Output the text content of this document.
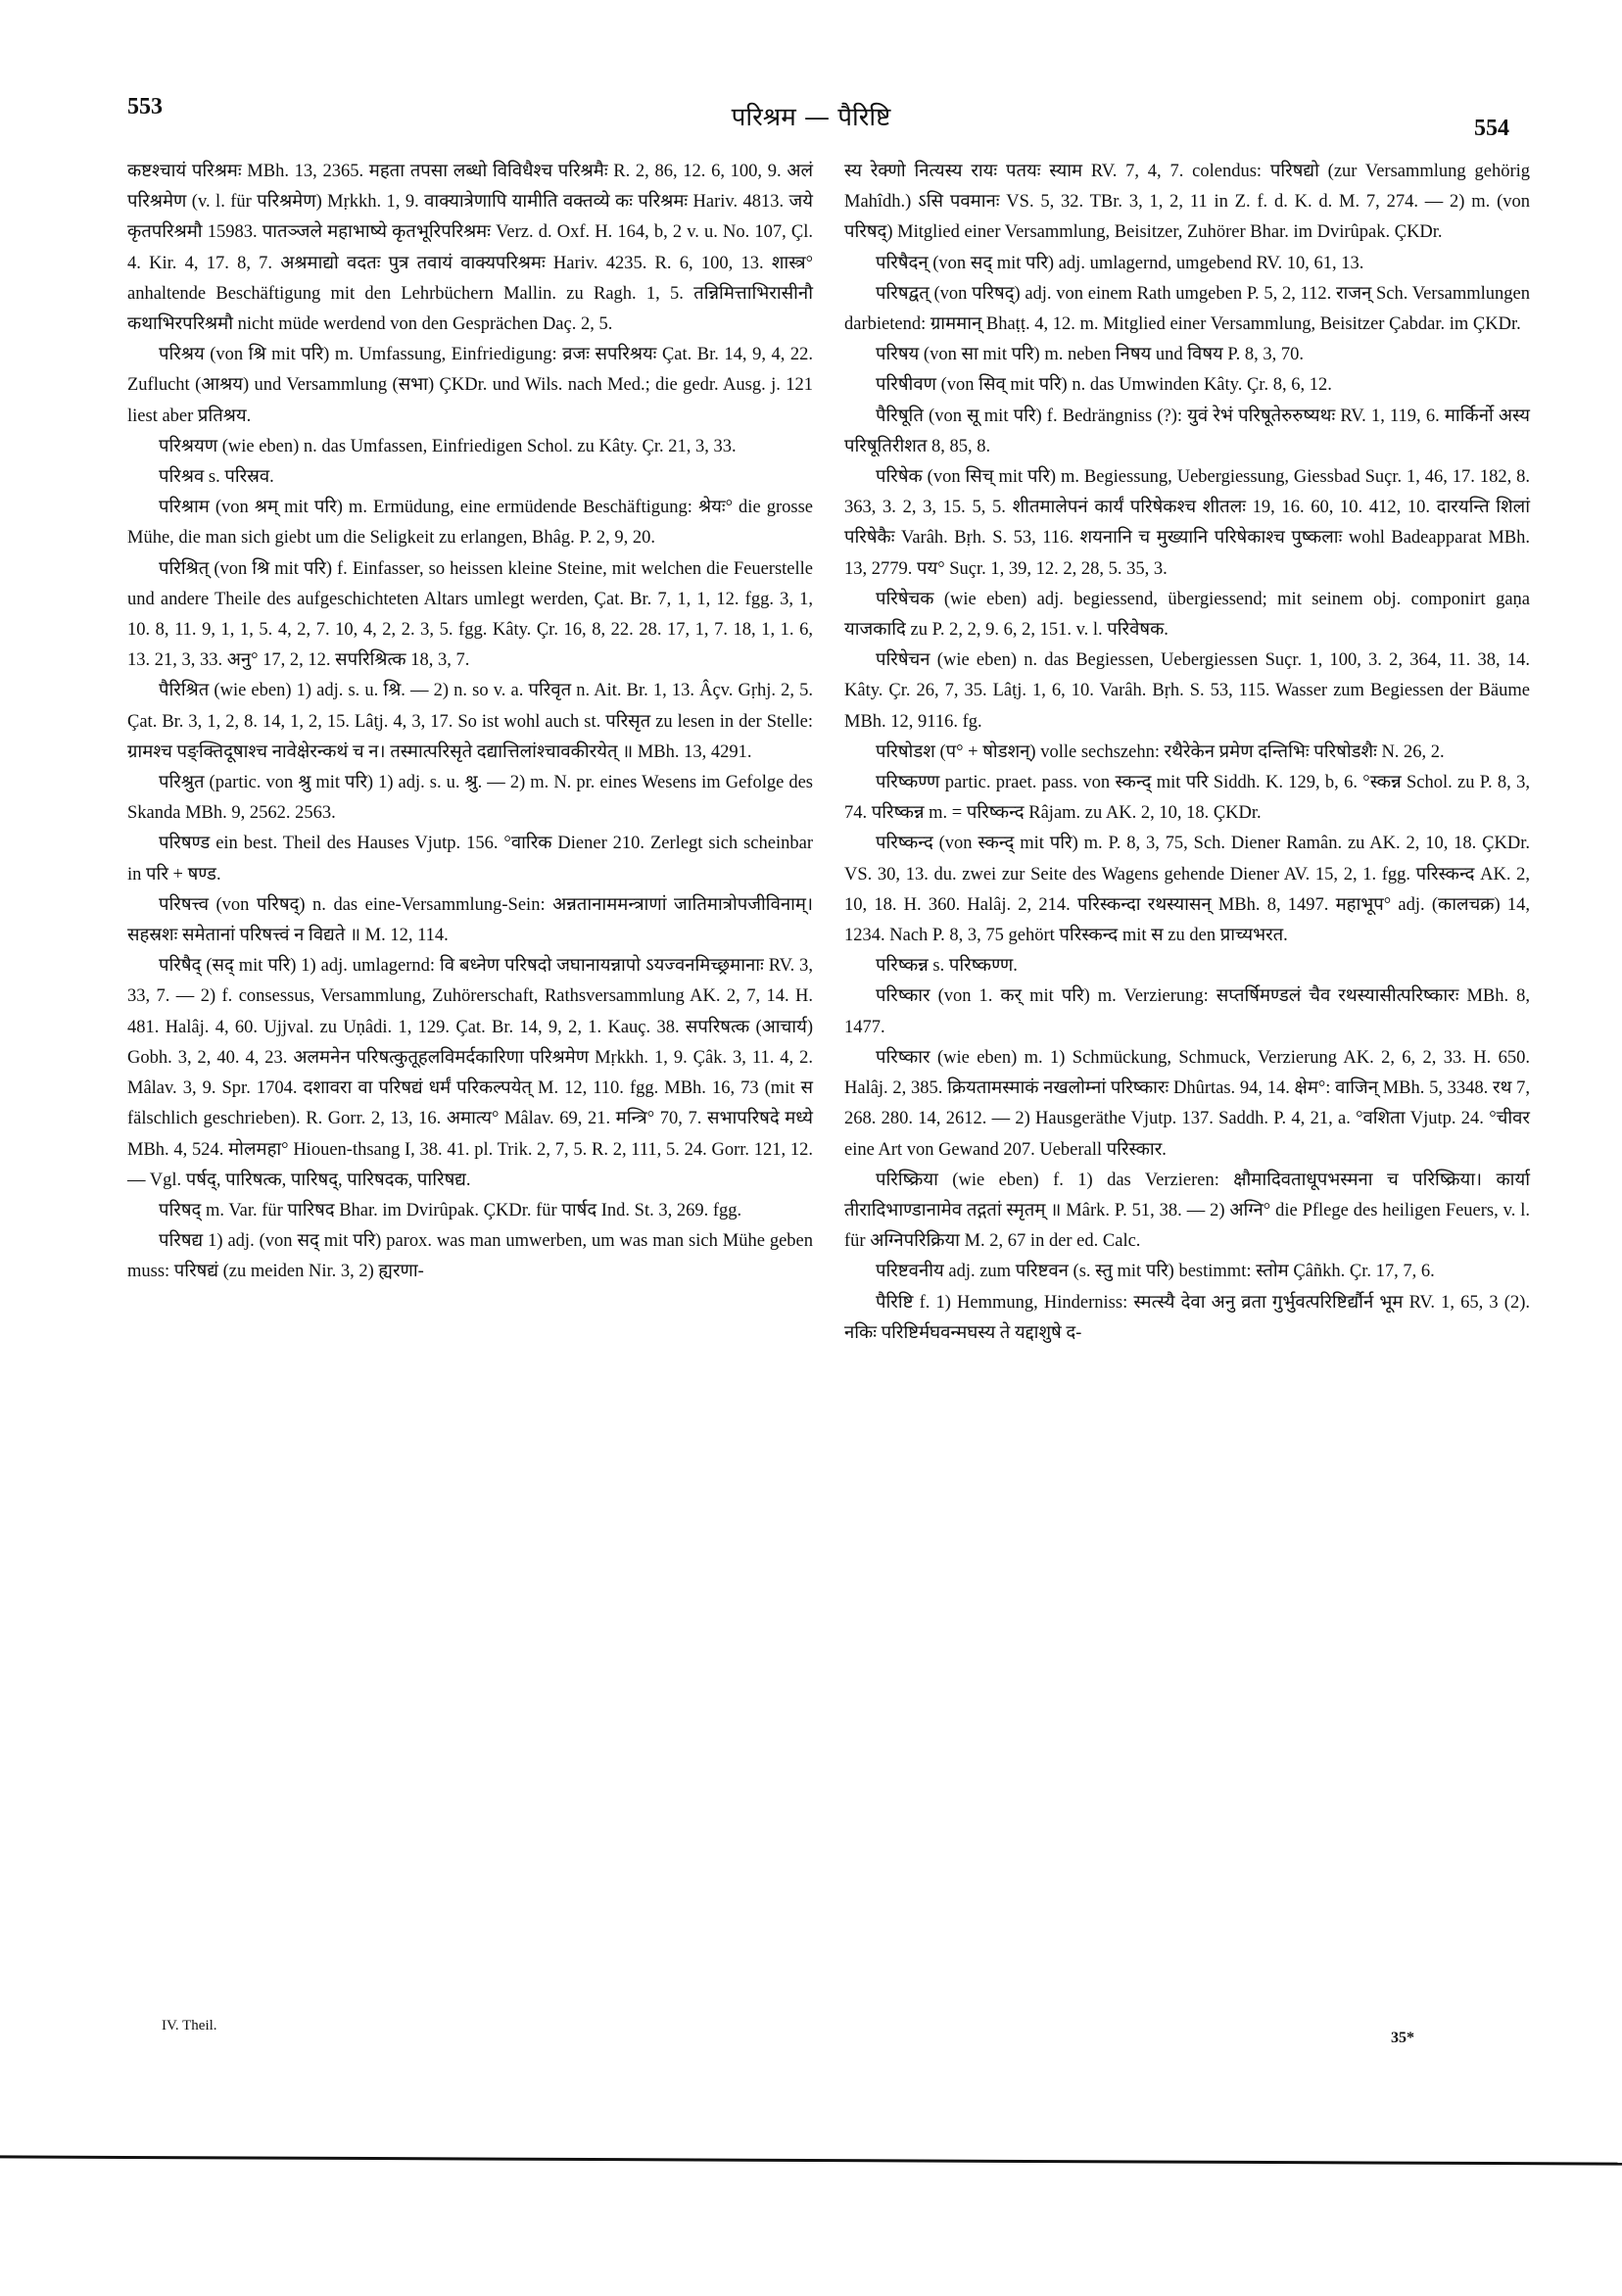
553	परिश्रम — पैरिष्टि	554

कष्टश्चायं परिश्रमः MBh. 13, 2365. महता तपसा लब्धो विविधैश्च परिश्रमैः R. 2, 86, 12. 6, 100, 9. अलं परिश्रमेण (v. l. für परिश्रमेण) Mṛkkh. 1, 9. वाक्यात्रेणापि यामीति वक्तव्ये कः परिश्रमः Hariv. 4813. जये कृतपरिश्रमौ 15983. पातञ्जले महाभाष्ये कृतभूरिपरिश्रमः Verz. d. Oxf. H. 164, b, 2 v. u. No. 107, Çl. 4. Kir. 4, 17. 8, 7. अश्रमाद्यो वदतः पुत्र तवायं वाक्यपरिश्रमः Hariv. 4235. R. 6, 100, 13. शास्त्र° anhaltende Beschäftigung mit den Lehrbüchern Mallin. zu Ragh. 1, 5. तन्निमित्ताभिरासीनौ कथाभिरपरिश्रमौ nicht müde werdend von den Gesprächen Daç. 2, 5.

परिश्रय (von श्रि mit परि) m. Umfassung, Einfriedigung: व्रजः सपरिश्रयः Çat. Br. 14, 9, 4, 22. Zuflucht (आश्रय) und Versammlung (सभा) ÇKDr. und Wils. nach Med.; die gedr. Ausg. j. 121 liest aber प्रतिश्रय.

परिश्रयण (wie eben) n. das Umfassen, Einfriedigen Schol. zu Kâty. Çr. 21, 3, 33.

परिश्रव s. परिस्रव.

परिश्राम (von श्रम् mit परि) m. Ermüdung, eine ermüdende Beschäftigung: श्रेयः° die grosse Mühe, die man sich giebt um die Seligkeit zu erlangen, Bhâg. P. 2, 9, 20.

परिश्रित् (von श्रि mit परि) f. Einfasser, so heissen kleine Steine, mit welchen die Feuerstelle und andere Theile des aufgeschichteten Altars umlegt werden, Çat. Br. 7, 1, 1, 12. fgg. 3, 1, 10. 8, 11. 9, 1, 1, 5. 4, 2, 7. 10, 4, 2, 2. 3, 5. fgg. Kâty. Çr. 16, 8, 22. 28. 17, 1, 7. 18, 1, 1. 6, 13. 21, 3, 33. अनु° 17, 2, 12. सपरिश्रित्क 18, 3, 7.

पैरिश्रित (wie eben) 1) adj. s. u. श्रि. — 2) n. so v. a. परिवृत n. Ait. Br. 1, 13. Âçv. Gṛhj. 2, 5. Çat. Br. 3, 1, 2, 8. 14, 1, 2, 15. Lâṭj. 4, 3, 17. So ist wohl auch st. परिसृत zu lesen in der Stelle: ग्रामश्च पङ्क्तिदूषाश्च नावेक्षेरन्कथं च न। तस्मात्परिसृते दद्यात्तिलांश्चावकीरयेत् ॥ MBh. 13, 4291.

परिश्रुत (partic. von श्रु mit परि) 1) adj. s. u. श्रु. — 2) m. N. pr. eines Wesens im Gefolge des Skanda MBh. 9, 2562. 2563.

परिषण्ड ein best. Theil des Hauses Vjutp. 156. °वारिक Diener 210. Zerlegt sich scheinbar in परि + षण्ड.

परिषत्त्व (von परिषद्) n. das eine-Versammlung-Sein: अन्नतानाममन्त्राणां जातिमात्रोपजीविनाम्। सहस्रशः समेतानां परिषत्त्वं न विद्यते ॥ M. 12, 114.

परिषैद् (सद् mit परि) 1) adj. umlagernd: वि बध्नेण परिषदो जघानायन्नापो ऽयज्वनमिच्छ्रमानाः RV. 3, 33, 7. — 2) f. consessus, Versammlung, Zuhörerschaft, Rathsversammlung AK. 2, 7, 14. H. 481. Halâj. 4, 60. Ujjval. zu Uṇâdi. 1, 129. Çat. Br. 14, 9, 2, 1. Kauç. 38. सपरिषत्क (आचार्य) Gobh. 3, 2, 40. 4, 23. अलमनेन परिषत्कुतूहलविमर्दकारिणा परिश्रमेण Mṛkkh. 1, 9. Çâk. 3, 11. 4, 2. Mâlav. 3, 9. Spr. 1704. दशावरा वा परिषद्यं धर्मं परिकल्पयेत् M. 12, 110. fgg. MBh. 16, 73 (mit स fälschlich geschrieben). R. Gorr. 2, 13, 16. अमात्य° Mâlav. 69, 21. मन्त्रि° 70, 7. सभापरिषदे मध्ये MBh. 4, 524. मोलमहा° Hiouen-thsang I, 38. 41. pl. Trik. 2, 7, 5. R. 2, 111, 5. 24. Gorr. 121, 12. — Vgl. पर्षद्, पारिषत्क, पारिषद्, पारिषदक, पारिषद्य.

परिषद् m. Var. für पारिषद Bhar. im Dvirûpak. ÇKDr. für पार्षद Ind. St. 3, 269. fgg.

परिषद्य 1) adj. (von सद् mit परि) parox. was man umwerben, um was man sich Mühe geben muss: परिषद्यं (zu meiden Nir. 3, 2) ह्यरणा-

स्य रेक्णो नित्यस्य रायः पतयः स्याम RV. 7, 4, 7. colendus: परिषद्यो (zur Versammlung gehörig Mahîdh.) ऽसि पवमानः VS. 5, 32. TBr. 3, 1, 2, 11 in Z. f. d. K. d. M. 7, 274. — 2) m. (von परिषद्) Mitglied einer Versammlung, Beisitzer, Zuhörer Bhar. im Dvirûpak. ÇKDr.

परिषैदन् (von सद् mit परि) adj. umlagernd, umgebend RV. 10, 61, 13.

परिषद्वत् (von परिषद्) adj. von einem Rath umgeben P. 5, 2, 112. राजन् Sch. Versammlungen darbietend: ग्राममान् Bhaṭṭ. 4, 12. m. Mitglied einer Versammlung, Beisitzer Çabdar. im ÇKDr.

परिषय (von सा mit परि) m. neben निषय und विषय P. 8, 3, 70.

परिषीवण (von सिव् mit परि) n. das Umwinden Kâty. Çr. 8, 6, 12.

पैरिषूति (von सू mit परि) f. Bedrängniss (?): युवं रेभं परिषूतेरुरुष्यथः RV. 1, 119, 6. मार्किर्नो अस्य परिषूतिरीशत 8, 85, 8.

परिषेक (von सिच् mit परि) m. Begiessung, Uebergiessung, Giessbad Suçr. 1, 46, 17. 182, 8. 363, 3. 2, 3, 15. 5, 5. शीतमालेपनं कार्यं परिषेकश्च शीतलः 19, 16. 60, 10. 412, 10. दारयन्ति शिलां परिषेकैः Varâh. Bṛh. S. 53, 116. शयनानि च मुख्यानि परिषेकाश्च पुष्कलाः wohl Badeapparat MBh. 13, 2779. पय° Suçr. 1, 39, 12. 2, 28, 5. 35, 3.

परिषेचक (wie eben) adj. begiessend, übergiessend; mit seinem obj. componirt gaṇa याजकादि zu P. 2, 2, 9. 6, 2, 151. v. l. परिवेषक.

परिषेचन (wie eben) n. das Begiessen, Uebergiessen Suçr. 1, 100, 3. 2, 364, 11. 38, 14. Kâty. Çr. 26, 7, 35. Lâṭj. 1, 6, 10. Varâh. Bṛh. S. 53, 115. Wasser zum Begiessen der Bäume MBh. 12, 9116. fg.

परिषोडश (प° + षोडशन्) volle sechszehn: रथैरेकेन प्रमेण दन्तिभिः परिषोडशैः N. 26, 2.

परिष्कण्ण partic. praet. pass. von स्कन्द् mit परि Siddh. K. 129, b, 6. °स्कन्न Schol. zu P. 8, 3, 74. परिष्कन्न m. = परिष्कन्द Râjam. zu AK. 2, 10, 18. ÇKDr.

परिष्कन्द (von स्कन्द् mit परि) m. P. 8, 3, 75, Sch. Diener Ramân. zu AK. 2, 10, 18. ÇKDr. VS. 30, 13. du. zwei zur Seite des Wagens gehende Diener AV. 15, 2, 1. fgg. परिस्कन्द AK. 2, 10, 18. H. 360. Halâj. 2, 214. परिस्कन्दा रथस्यासन् MBh. 8, 1497. महाभूप° adj. (कालचक्र) 14, 1234. Nach P. 8, 3, 75 gehört परिस्कन्द mit स zu den प्राच्यभरत.

परिष्कन्न s. परिष्कण्ण.

परिष्कार (von 1. कर् mit परि) m. Verzierung: सप्तर्षिमण्डलं चैव रथस्यासीत्परिष्कारः MBh. 8, 1477.

परिष्कार (wie eben) m. 1) Schmückung, Schmuck, Verzierung AK. 2, 6, 2, 33. H. 650. Halâj. 2, 385. क्रियतामस्माकं नखलोम्नां परिष्कारः Dhûrtas. 94, 14. क्षेम°: वाजिन् MBh. 5, 3348. रथ 7, 268. 280. 14, 2612. — 2) Hausgeräthe Vjutp. 137. Saddh. P. 4, 21, a. °वशिता Vjutp. 24. °चीवर eine Art von Gewand 207. Ueberall परिस्कार.

परिष्क्रिया (wie eben) f. 1) das Verzieren: क्षौमादिवताधूपभस्मना च परिष्क्रिया। कार्या तीरादिभाण्डानामेव तद्गतां स्मृतम् ॥ Mârk. P. 51, 38. — 2) अग्नि° die Pflege des heiligen Feuers, v. l. für अग्निपरिक्रिया M. 2, 67 in der ed. Calc.

परिष्टवनीय adj. zum परिष्टवन (s. स्तु mit परि) bestimmt: स्तोम Çâñkh. Çr. 17, 7, 6.

पैरिष्टि f. 1) Hemmung, Hinderniss: स्मत्स्यै देवा अनु व्रता गुर्भुवत्परिष्टिर्द्यौर्न भूम RV. 1, 65, 3 (2). नकिः परिष्टिर्मघवन्मघस्य ते यद्दाशुषे द-

IV. Theil.
35*
